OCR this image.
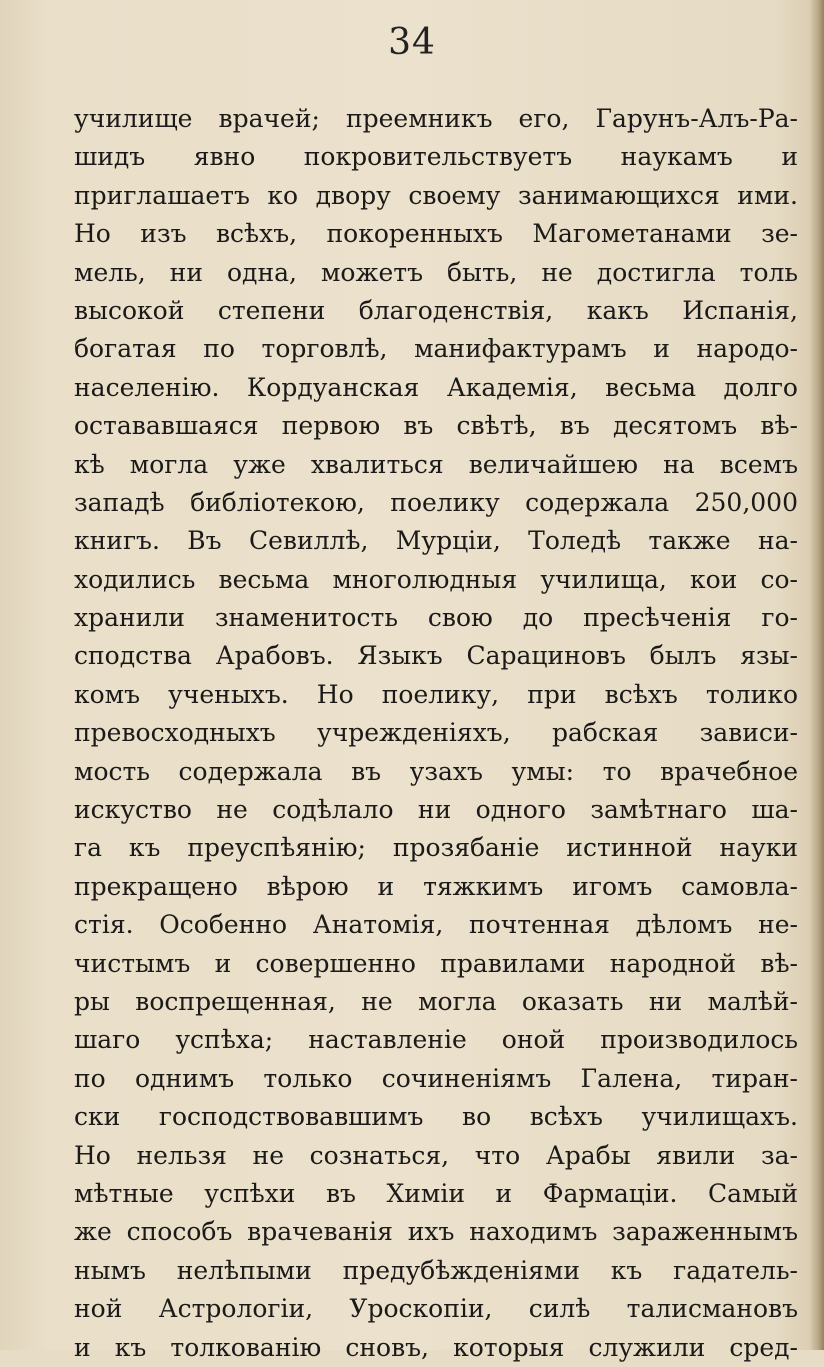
34
училище врачей; преемникъ его, Гарунъ-Алъ-Ра-
шидъ явно покровительствуетъ наукамъ и
приглашаетъ ко двору своему занимающихся ими.
Но изъ всѣхъ, покоренныхъ Магометанами зе-
мель, ни одна, можетъ быть, не достигла толь
высокой степени благоденствія, какъ Испанія,
богатая по торговлѣ, манифактурамъ и народо-
населенію. Кордуанская Академія, весьма долго
остававшаяся первою въ свѣтѣ, въ десятомъ вѣ-
кѣ могла уже хвалиться величайшею на всемъ
западѣ библіотекою, поелику содержала 250,000
книгъ. Въ Севиллѣ, Мурціи, Толедѣ также на-
ходились весьма многолюдныя училища, кои со-
хранили знаменитость свою до пресѣченія го-
сподства Арабовъ. Языкъ Сарациновъ былъ язы-
комъ ученыхъ. Но поелику, при всѣхъ толико
превосходныхъ учрежденіяхъ, рабская зависи-
мость содержала въ узахъ умы: то врачебное
искуство не содѣлало ни одного замѣтнаго ша-
га къ преуспѣянію; прозябаніе истинной науки
прекращено вѣрою и тяжкимъ игомъ самовла-
стія. Особенно Анатомія, почтенная дѣломъ не-
чистымъ и совершенно правилами народной вѣ-
ры воспрещенная, не могла оказать ни малѣй-
шаго успѣха; наставленіе оной производилось
по однимъ только сочиненіямъ Галена, тиран-
ски господствовавшимъ во всѣхъ училищахъ.
Но нельзя не сознаться, что Арабы явили за-
мѣтные успѣхи въ Химіи и Фармаціи. Самый
же способъ врачеванія ихъ находимъ зараженнымъ
нымъ нелѣпыми предубѣжденіями къ гадатель-
ной Астрологіи, Уроскопіи, силѣ талисмановъ
и къ толкованію сновъ, которыя служили сред-
